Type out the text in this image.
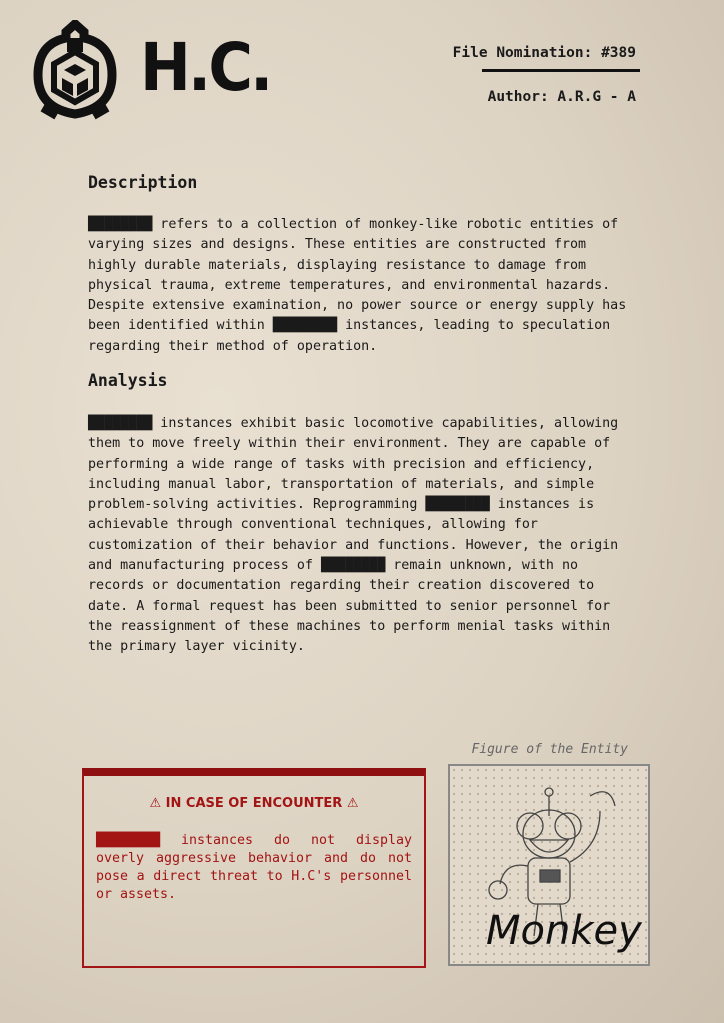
H.C.	File Nomination: #389
Author: A.R.G - A
Description
████████ refers to a collection of monkey-like robotic entities of
varying sizes and designs. These entities are constructed from
highly durable materials, displaying resistance to damage from
physical trauma, extreme temperatures, and environmental hazards.
Despite extensive examination, no power source or energy supply has
been identified within ████████ instances, leading to speculation
regarding their method of operation.
Analysis
████████ instances exhibit basic locomotive capabilities, allowing
them to move freely within their environment. They are capable of
performing a wide range of tasks with precision and efficiency,
including manual labor, transportation of materials, and simple
problem-solving activities. Reprogramming ████████ instances is
achievable through conventional techniques, allowing for
customization of their behavior and functions. However, the origin
and manufacturing process of ████████ remain unknown, with no
records or documentation regarding their creation discovered to
date. A formal request has been submitted to senior personnel for
the reassignment of these machines to perform menial tasks within
the primary layer vicinity.
Figure of the Entity
Monkey
⚠ IN CASE OF ENCOUNTER ⚠
████████ instances do not display overly aggressive behavior and do not pose a direct threat to H.C's personnel or assets.
